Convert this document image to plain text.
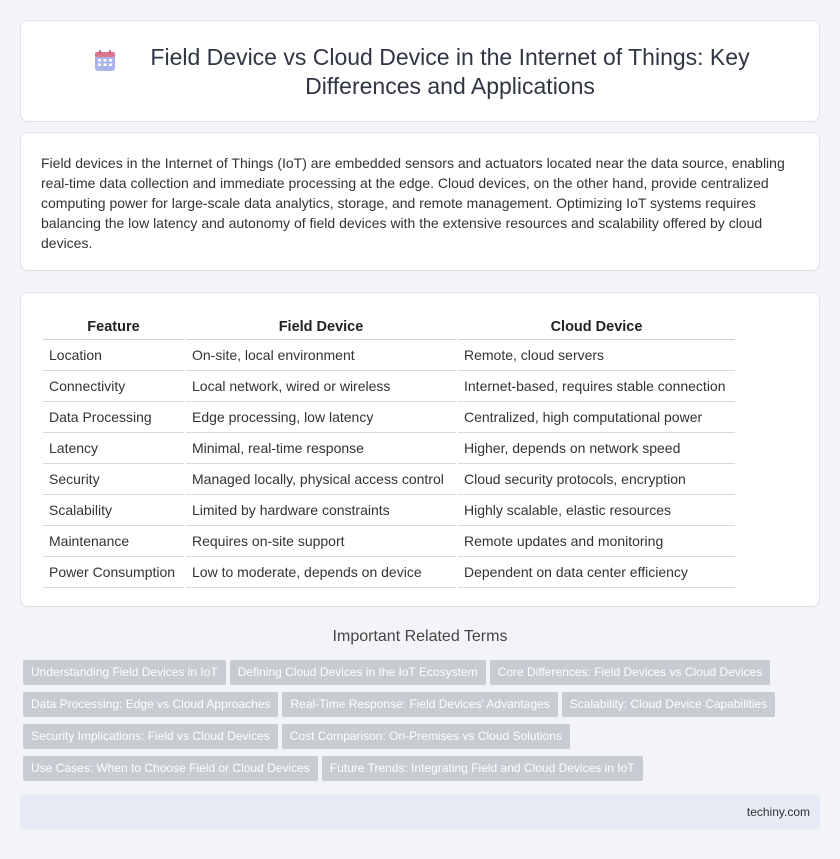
Field Device vs Cloud Device in the Internet of Things: Key Differences and Applications

Field devices in the Internet of Things (IoT) are embedded sensors and actuators located near the data source, enabling real-time data collection and immediate processing at the edge. Cloud devices, on the other hand, provide centralized computing power for large-scale data analytics, storage, and remote management. Optimizing IoT systems requires balancing the low latency and autonomy of field devices with the extensive resources and scalability offered by cloud devices.

Feature	Field Device	Cloud Device
Location	On-site, local environment	Remote, cloud servers
Connectivity	Local network, wired or wireless	Internet-based, requires stable connection
Data Processing	Edge processing, low latency	Centralized, high computational power
Latency	Minimal, real-time response	Higher, depends on network speed
Security	Managed locally, physical access control	Cloud security protocols, encryption
Scalability	Limited by hardware constraints	Highly scalable, elastic resources
Maintenance	Requires on-site support	Remote updates and monitoring
Power Consumption	Low to moderate, depends on device	Dependent on data center efficiency
Important Related Terms
Understanding Field Devices in IoT Defining Cloud Devices in the IoT Ecosystem Core Differences: Field Devices vs Cloud Devices
Data Processing: Edge vs Cloud Approaches Real-Time Response: Field Devices' Advantages Scalability: Cloud Device Capabilities
Security Implications: Field vs Cloud Devices Cost Comparison: On-Premises vs Cloud Solutions
Use Cases: When to Choose Field or Cloud Devices Future Trends: Integrating Field and Cloud Devices in IoT
techiny.com
